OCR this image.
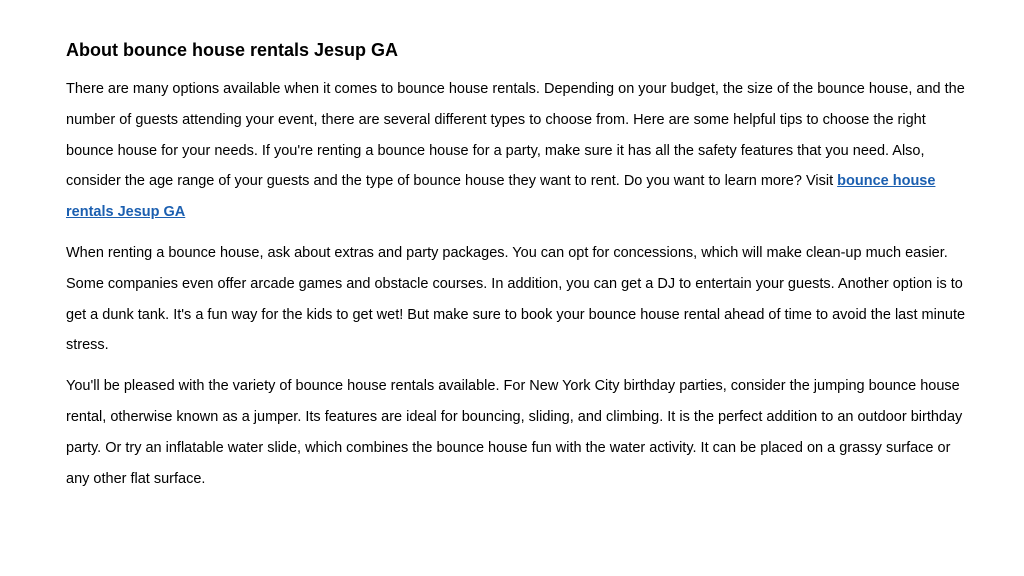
About bounce house rentals Jesup GA

There are many options available when it comes to bounce house rentals. Depending on your budget, the size of the bounce house, and the number of guests attending your event, there are several different types to choose from. Here are some helpful tips to choose the right bounce house for your needs. If you're renting a bounce house for a party, make sure it has all the safety features that you need. Also, consider the age range of your guests and the type of bounce house they want to rent. Do you want to learn more? Visit bounce house rentals Jesup GA

When renting a bounce house, ask about extras and party packages. You can opt for concessions, which will make clean-up much easier. Some companies even offer arcade games and obstacle courses. In addition, you can get a DJ to entertain your guests. Another option is to get a dunk tank. It's a fun way for the kids to get wet! But make sure to book your bounce house rental ahead of time to avoid the last minute stress.

You'll be pleased with the variety of bounce house rentals available. For New York City birthday parties, consider the jumping bounce house rental, otherwise known as a jumper. Its features are ideal for bouncing, sliding, and climbing. It is the perfect addition to an outdoor birthday party. Or try an inflatable water slide, which combines the bounce house fun with the water activity. It can be placed on a grassy surface or any other flat surface.
